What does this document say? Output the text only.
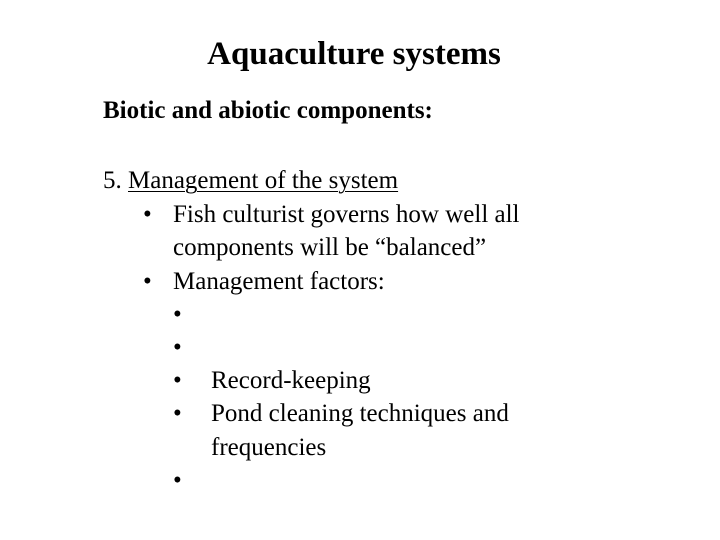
Aquaculture systems
Biotic and abiotic components:
5. Management of the system
• Fish culturist governs how well all
components will be “balanced”
• Management factors:
•
•
• Record-keeping
• Pond cleaning techniques and
frequencies
•
